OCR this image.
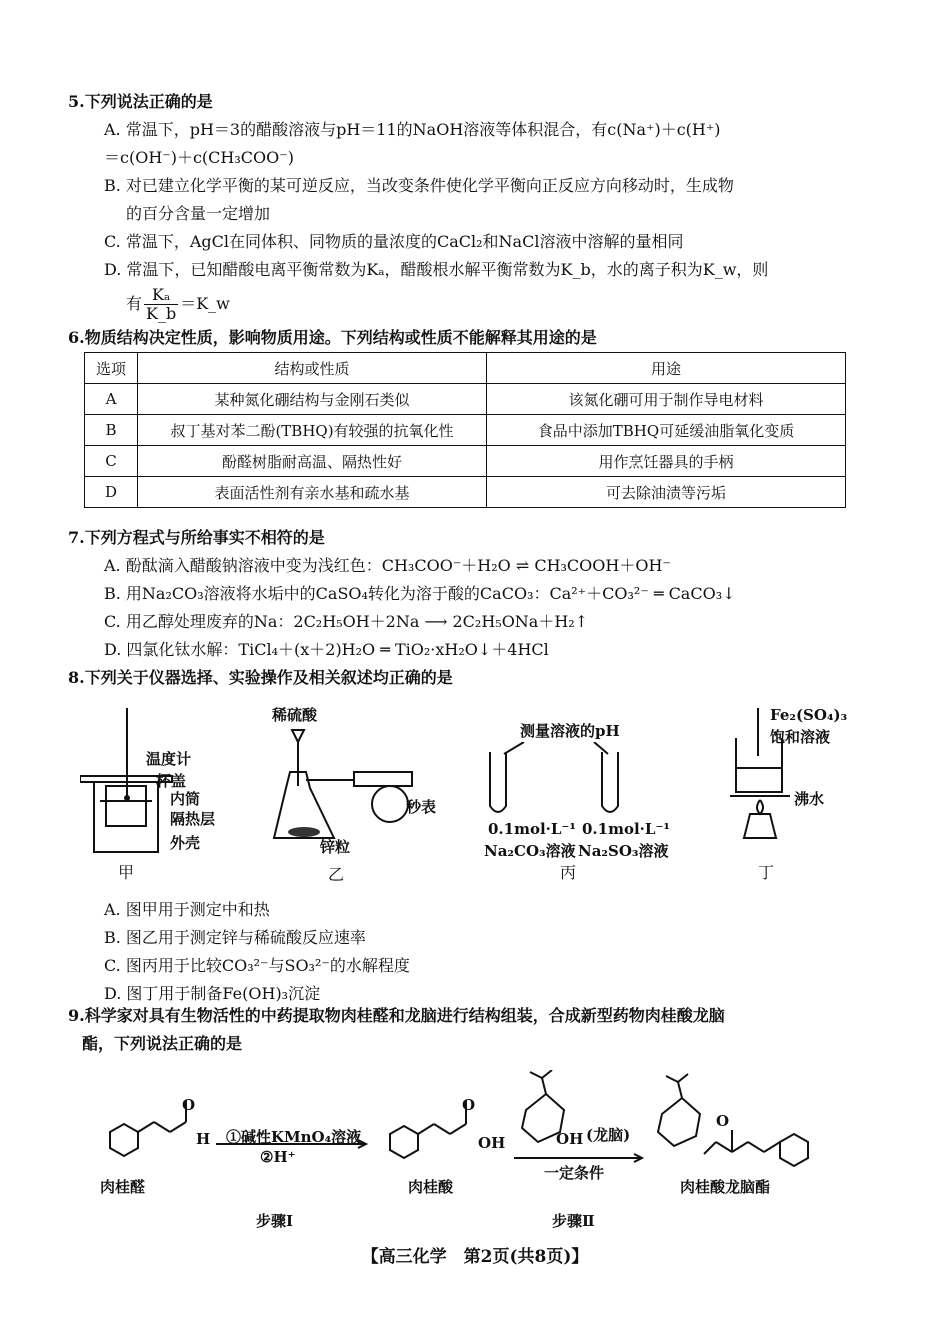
5.下列说法正确的是
A. 常温下，pH＝3的醋酸溶液与pH＝11的NaOH溶液等体积混合，有c(Na⁺)＋c(H⁺)
＝c(OH⁻)＋c(CH₃COO⁻)
B. 对已建立化学平衡的某可逆反应，当改变条件使化学平衡向正反应方向移动时，生成物
的百分含量一定增加
C. 常温下，AgCl在同体积、同物质的量浓度的CaCl₂和NaCl溶液中溶解的量相同
D. 常温下，已知醋酸电离平衡常数为Kₐ，醋酸根水解平衡常数为K_b，水的离子积为K_w，则
有 $\frac{\text{Kₐ}}{K\_b}$ ＝K_w
6.物质结构决定性质，影响物质用途。下列结构或性质不能解释其用途的是
选项	结构或性质	用途
A	某种氮化硼结构与金刚石类似	该氮化硼可用于制作导电材料
B	叔丁基对苯二酚(TBHQ)有较强的抗氧化性	食品中添加TBHQ可延缓油脂氧化变质
C	酚醛树脂耐高温、隔热性好	用作烹饪器具的手柄
D	表面活性剂有亲水基和疏水基	可去除油渍等污垢
7.下列方程式与所给事实不相符的是
A. 酚酞滴入醋酸钠溶液中变为浅红色：CH₃COO⁻＋H₂O ⇌ CH₃COOH＋OH⁻
B. 用Na₂CO₃溶液将水垢中的CaSO₄转化为溶于酸的CaCO₃：Ca²⁺＋CO₃²⁻ ═ CaCO₃↓
C. 用乙醇处理废弃的Na：2C₂H₅OH＋2Na ⟶ 2C₂H₅ONa＋H₂↑
D. 四氯化钛水解：TiCl₄＋(x＋2)H₂O ═ TiO₂·xH₂O↓＋4HCl
8.下列关于仪器选择、实验操作及相关叙述均正确的是
温度计
杯盖
内筒
隔热层
外壳
甲
稀硫酸
秒表
锌粒
乙
测量溶液的pH
0.1mol·L⁻¹
Na₂CO₃溶液
0.1mol·L⁻¹
Na₂SO₃溶液
丙
Fe₂(SO₄)₃
饱和溶液
沸水
丁
A. 图甲用于测定中和热
B. 图乙用于测定锌与稀硫酸反应速率
C. 图丙用于比较CO₃²⁻与SO₃²⁻的水解程度
D. 图丁用于制备Fe(OH)₃沉淀
9.科学家对具有生物活性的中药提取物肉桂醛和龙脑进行结构组装，合成新型药物肉桂酸龙脑
酯，下列说法正确的是
H
O	O
OH	OH (龙脑)
O
①碱性KMnO₄溶液
②H⁺
一定条件
肉桂醛	肉桂酸	肉桂酸龙脑酯
步骤Ⅰ	步骤Ⅱ
【高三化学　第2页(共8页)】
